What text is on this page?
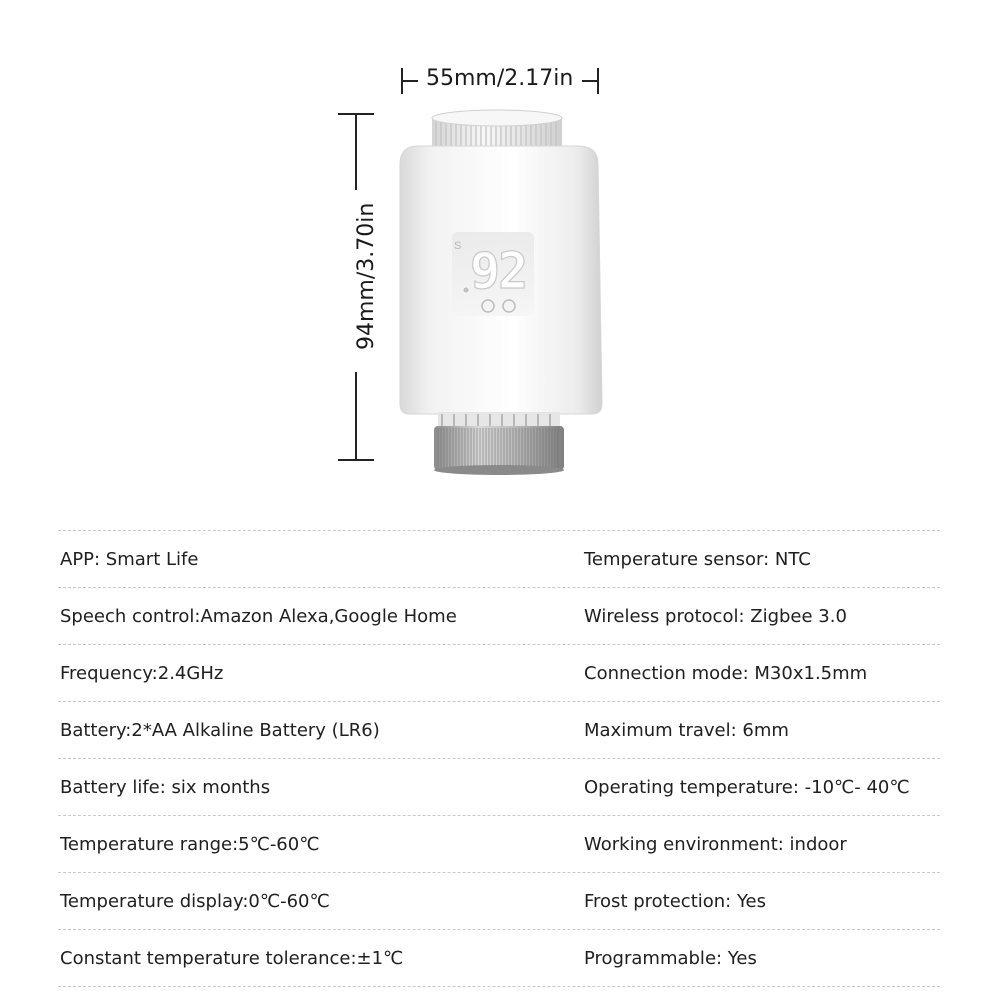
S 92
55mm/2.17in
94mm/3.70in
APP: Smart Life	Temperature sensor: NTC
Speech control:Amazon Alexa,Google Home	Wireless protocol: Zigbee 3.0
Frequency:2.4GHz	Connection mode: M30x1.5mm
Battery:2*AA Alkaline Battery (LR6)	Maximum travel: 6mm
Battery life: six months	Operating temperature: -10℃- 40℃
Temperature range:5℃-60℃	Working environment: indoor
Temperature display:0℃-60℃	Frost protection: Yes
Constant temperature tolerance:±1℃	Programmable: Yes
